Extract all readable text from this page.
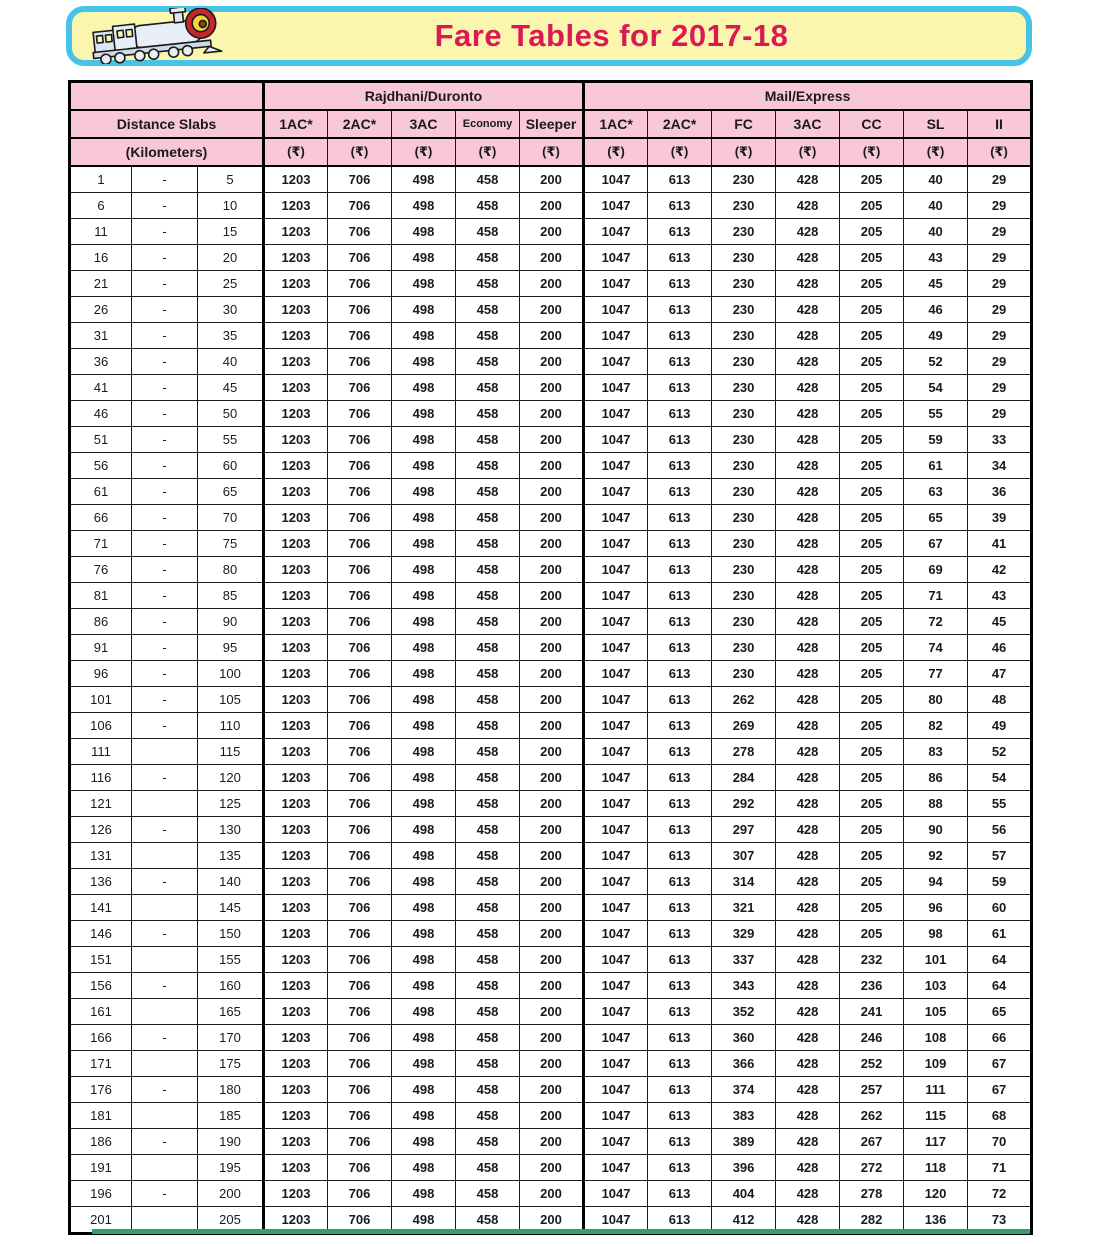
Fare Tables for 2017-18
			Rajdhani/Duronto					Mail/Express						
Distance Slabs			1AC*	2AC*	3AC	Economy	Sleeper	1AC*	2AC*	FC	3AC	CC	SL	II
(Kilometers)			(₹)	(₹)	(₹)	(₹)	(₹)	(₹)	(₹)	(₹)	(₹)	(₹)	(₹)	(₹)
1	-	5	1203	706	498	458	200	1047	613	230	428	205	40	29
6	-	10	1203	706	498	458	200	1047	613	230	428	205	40	29
11	-	15	1203	706	498	458	200	1047	613	230	428	205	40	29
16	-	20	1203	706	498	458	200	1047	613	230	428	205	43	29
21	-	25	1203	706	498	458	200	1047	613	230	428	205	45	29
26	-	30	1203	706	498	458	200	1047	613	230	428	205	46	29
31	-	35	1203	706	498	458	200	1047	613	230	428	205	49	29
36	-	40	1203	706	498	458	200	1047	613	230	428	205	52	29
41	-	45	1203	706	498	458	200	1047	613	230	428	205	54	29
46	-	50	1203	706	498	458	200	1047	613	230	428	205	55	29
51	-	55	1203	706	498	458	200	1047	613	230	428	205	59	33
56	-	60	1203	706	498	458	200	1047	613	230	428	205	61	34
61	-	65	1203	706	498	458	200	1047	613	230	428	205	63	36
66	-	70	1203	706	498	458	200	1047	613	230	428	205	65	39
71	-	75	1203	706	498	458	200	1047	613	230	428	205	67	41
76	-	80	1203	706	498	458	200	1047	613	230	428	205	69	42
81	-	85	1203	706	498	458	200	1047	613	230	428	205	71	43
86	-	90	1203	706	498	458	200	1047	613	230	428	205	72	45
91	-	95	1203	706	498	458	200	1047	613	230	428	205	74	46
96	-	100	1203	706	498	458	200	1047	613	230	428	205	77	47
101	-	105	1203	706	498	458	200	1047	613	262	428	205	80	48
106	-	110	1203	706	498	458	200	1047	613	269	428	205	82	49
111		115	1203	706	498	458	200	1047	613	278	428	205	83	52
116	-	120	1203	706	498	458	200	1047	613	284	428	205	86	54
121		125	1203	706	498	458	200	1047	613	292	428	205	88	55
126	-	130	1203	706	498	458	200	1047	613	297	428	205	90	56
131		135	1203	706	498	458	200	1047	613	307	428	205	92	57
136	-	140	1203	706	498	458	200	1047	613	314	428	205	94	59
141		145	1203	706	498	458	200	1047	613	321	428	205	96	60
146	-	150	1203	706	498	458	200	1047	613	329	428	205	98	61
151		155	1203	706	498	458	200	1047	613	337	428	232	101	64
156	-	160	1203	706	498	458	200	1047	613	343	428	236	103	64
161		165	1203	706	498	458	200	1047	613	352	428	241	105	65
166	-	170	1203	706	498	458	200	1047	613	360	428	246	108	66
171		175	1203	706	498	458	200	1047	613	366	428	252	109	67
176	-	180	1203	706	498	458	200	1047	613	374	428	257	111	67
181		185	1203	706	498	458	200	1047	613	383	428	262	115	68
186	-	190	1203	706	498	458	200	1047	613	389	428	267	117	70
191		195	1203	706	498	458	200	1047	613	396	428	272	118	71
196	-	200	1203	706	498	458	200	1047	613	404	428	278	120	72
201		205	1203	706	498	458	200	1047	613	412	428	282	136	73
